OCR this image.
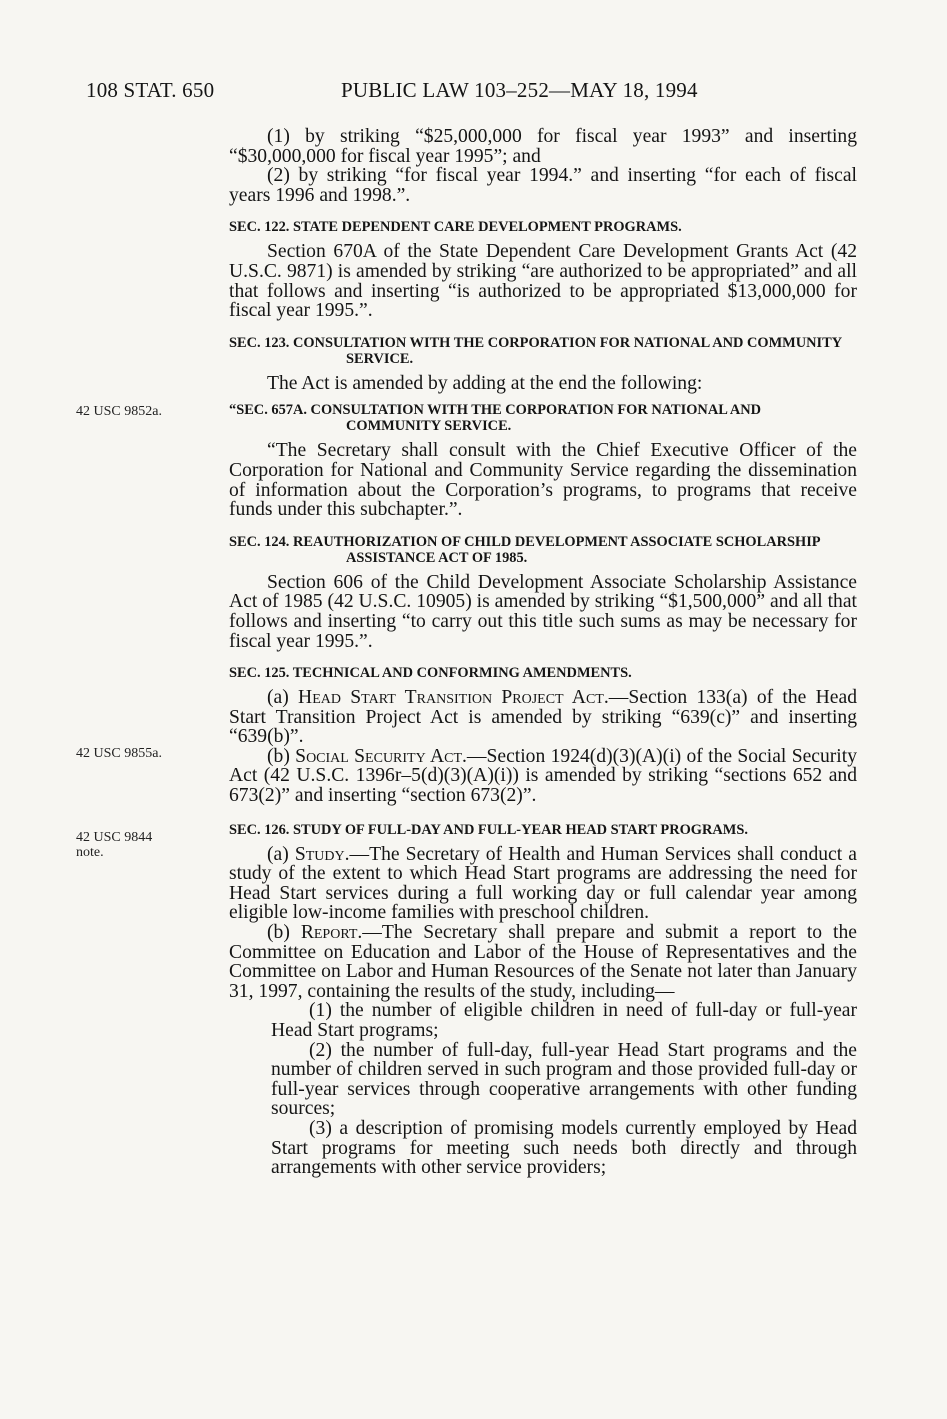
108 STAT. 650	PUBLIC LAW 103–252—MAY 18, 1994
42 USC 9852a.
42 USC 9855a.
42 USC 9844
note.

(1) by striking “$25,000,000 for fiscal year 1993” and inserting “$30,000,000 for fiscal year 1995”; and

(2) by striking “for fiscal year 1994.” and inserting “for each of fiscal years 1996 and 1998.”.

SEC. 122. STATE DEPENDENT CARE DEVELOPMENT PROGRAMS.

Section 670A of the State Dependent Care Development Grants Act (42 U.S.C. 9871) is amended by striking “are authorized to be appropriated” and all that follows and inserting “is authorized to be appropriated $13,000,000 for fiscal year 1995.”.

SEC. 123. CONSULTATION WITH THE CORPORATION FOR NATIONAL AND COMMUNITY SERVICE.

The Act is amended by adding at the end the following:

“SEC. 657A. CONSULTATION WITH THE CORPORATION FOR NATIONAL AND COMMUNITY SERVICE.

“The Secretary shall consult with the Chief Executive Officer of the Corporation for National and Community Service regarding the dissemination of information about the Corporation’s programs, to programs that receive funds under this subchapter.”.

SEC. 124. REAUTHORIZATION OF CHILD DEVELOPMENT ASSOCIATE SCHOLARSHIP ASSISTANCE ACT OF 1985.

Section 606 of the Child Development Associate Scholarship Assistance Act of 1985 (42 U.S.C. 10905) is amended by striking “$1,500,000” and all that follows and inserting “to carry out this title such sums as may be necessary for fiscal year 1995.”.

SEC. 125. TECHNICAL AND CONFORMING AMENDMENTS.

(a) Head Start Transition Project Act.—Section 133(a) of the Head Start Transition Project Act is amended by striking “639(c)” and inserting “639(b)”.

(b) Social Security Act.—Section 1924(d)(3)(A)(i) of the Social Security Act (42 U.S.C. 1396r–5(d)(3)(A)(i)) is amended by striking “sections 652 and 673(2)” and inserting “section 673(2)”.

SEC. 126. STUDY OF FULL-DAY AND FULL-YEAR HEAD START PROGRAMS.

(a) Study.—The Secretary of Health and Human Services shall conduct a study of the extent to which Head Start programs are addressing the need for Head Start services during a full working day or full calendar year among eligible low-income families with preschool children.

(b) Report.—The Secretary shall prepare and submit a report to the Committee on Education and Labor of the House of Representatives and the Committee on Labor and Human Resources of the Senate not later than January 31, 1997, containing the results of the study, including—

(1) the number of eligible children in need of full-day or full-year Head Start programs;

(2) the number of full-day, full-year Head Start programs and the number of children served in such program and those provided full-day or full-year services through cooperative arrangements with other funding sources;

(3) a description of promising models currently employed by Head Start programs for meeting such needs both directly and through arrangements with other service providers;
